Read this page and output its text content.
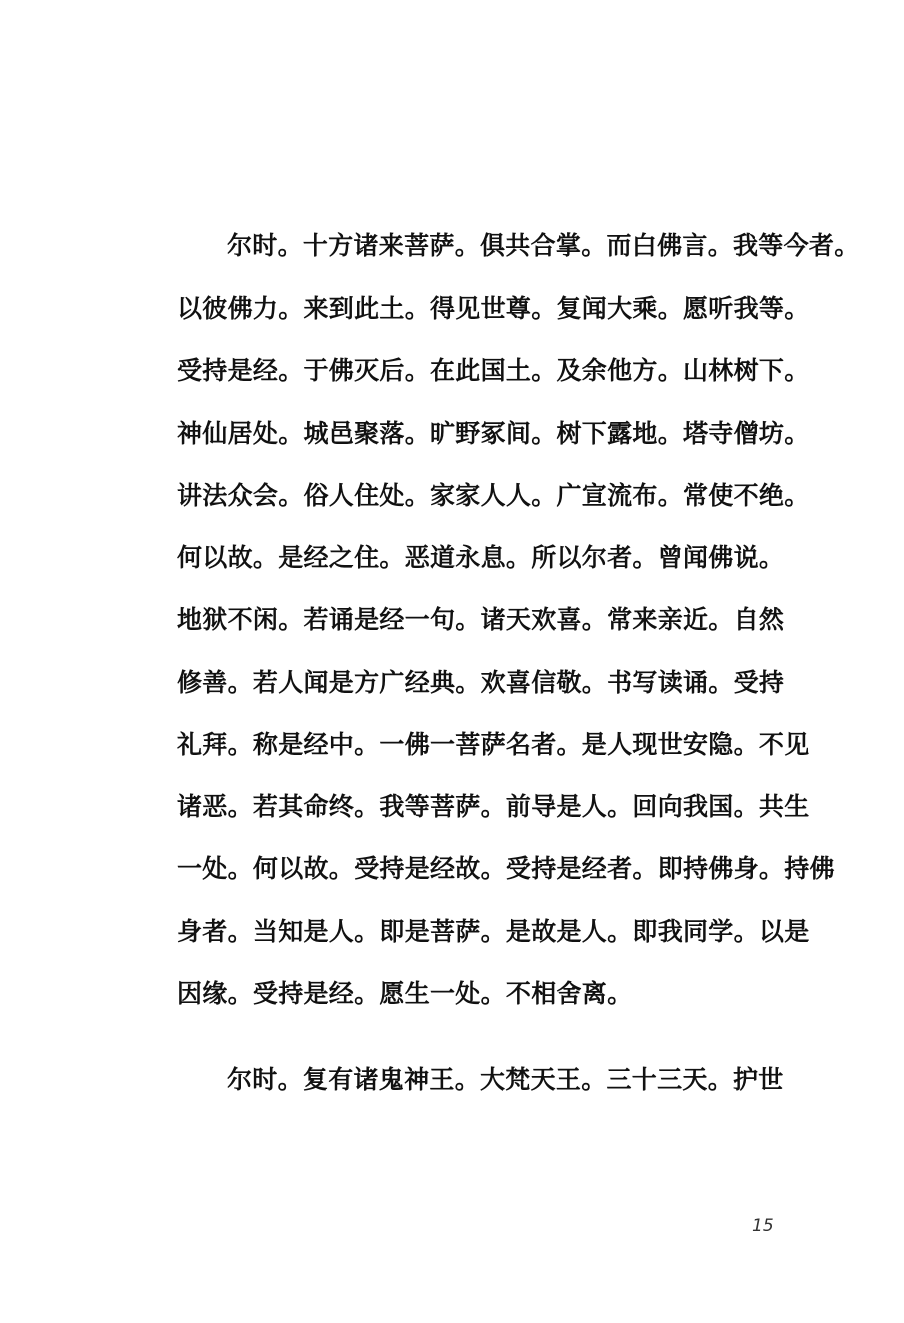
尔时。十方诸来菩萨。俱共合掌。而白佛言。我等今者。
以彼佛力。来到此土。得见世尊。复闻大乘。愿听我等。
受持是经。于佛灭后。在此国土。及余他方。山林树下。
神仙居处。城邑聚落。旷野冢间。树下露地。塔寺僧坊。
讲法众会。俗人住处。家家人人。广宣流布。常使不绝。
何以故。是经之住。恶道永息。所以尔者。曾闻佛说。
地狱不闲。若诵是经一句。诸天欢喜。常来亲近。自然
修善。若人闻是方广经典。欢喜信敬。书写读诵。受持
礼拜。称是经中。一佛一菩萨名者。是人现世安隐。不见
诸恶。若其命终。我等菩萨。前导是人。回向我国。共生
一处。何以故。受持是经故。受持是经者。即持佛身。持佛
身者。当知是人。即是菩萨。是故是人。即我同学。以是
因缘。受持是经。愿生一处。不相舍离。
尔时。复有诸鬼神王。大梵天王。三十三天。护世
15
